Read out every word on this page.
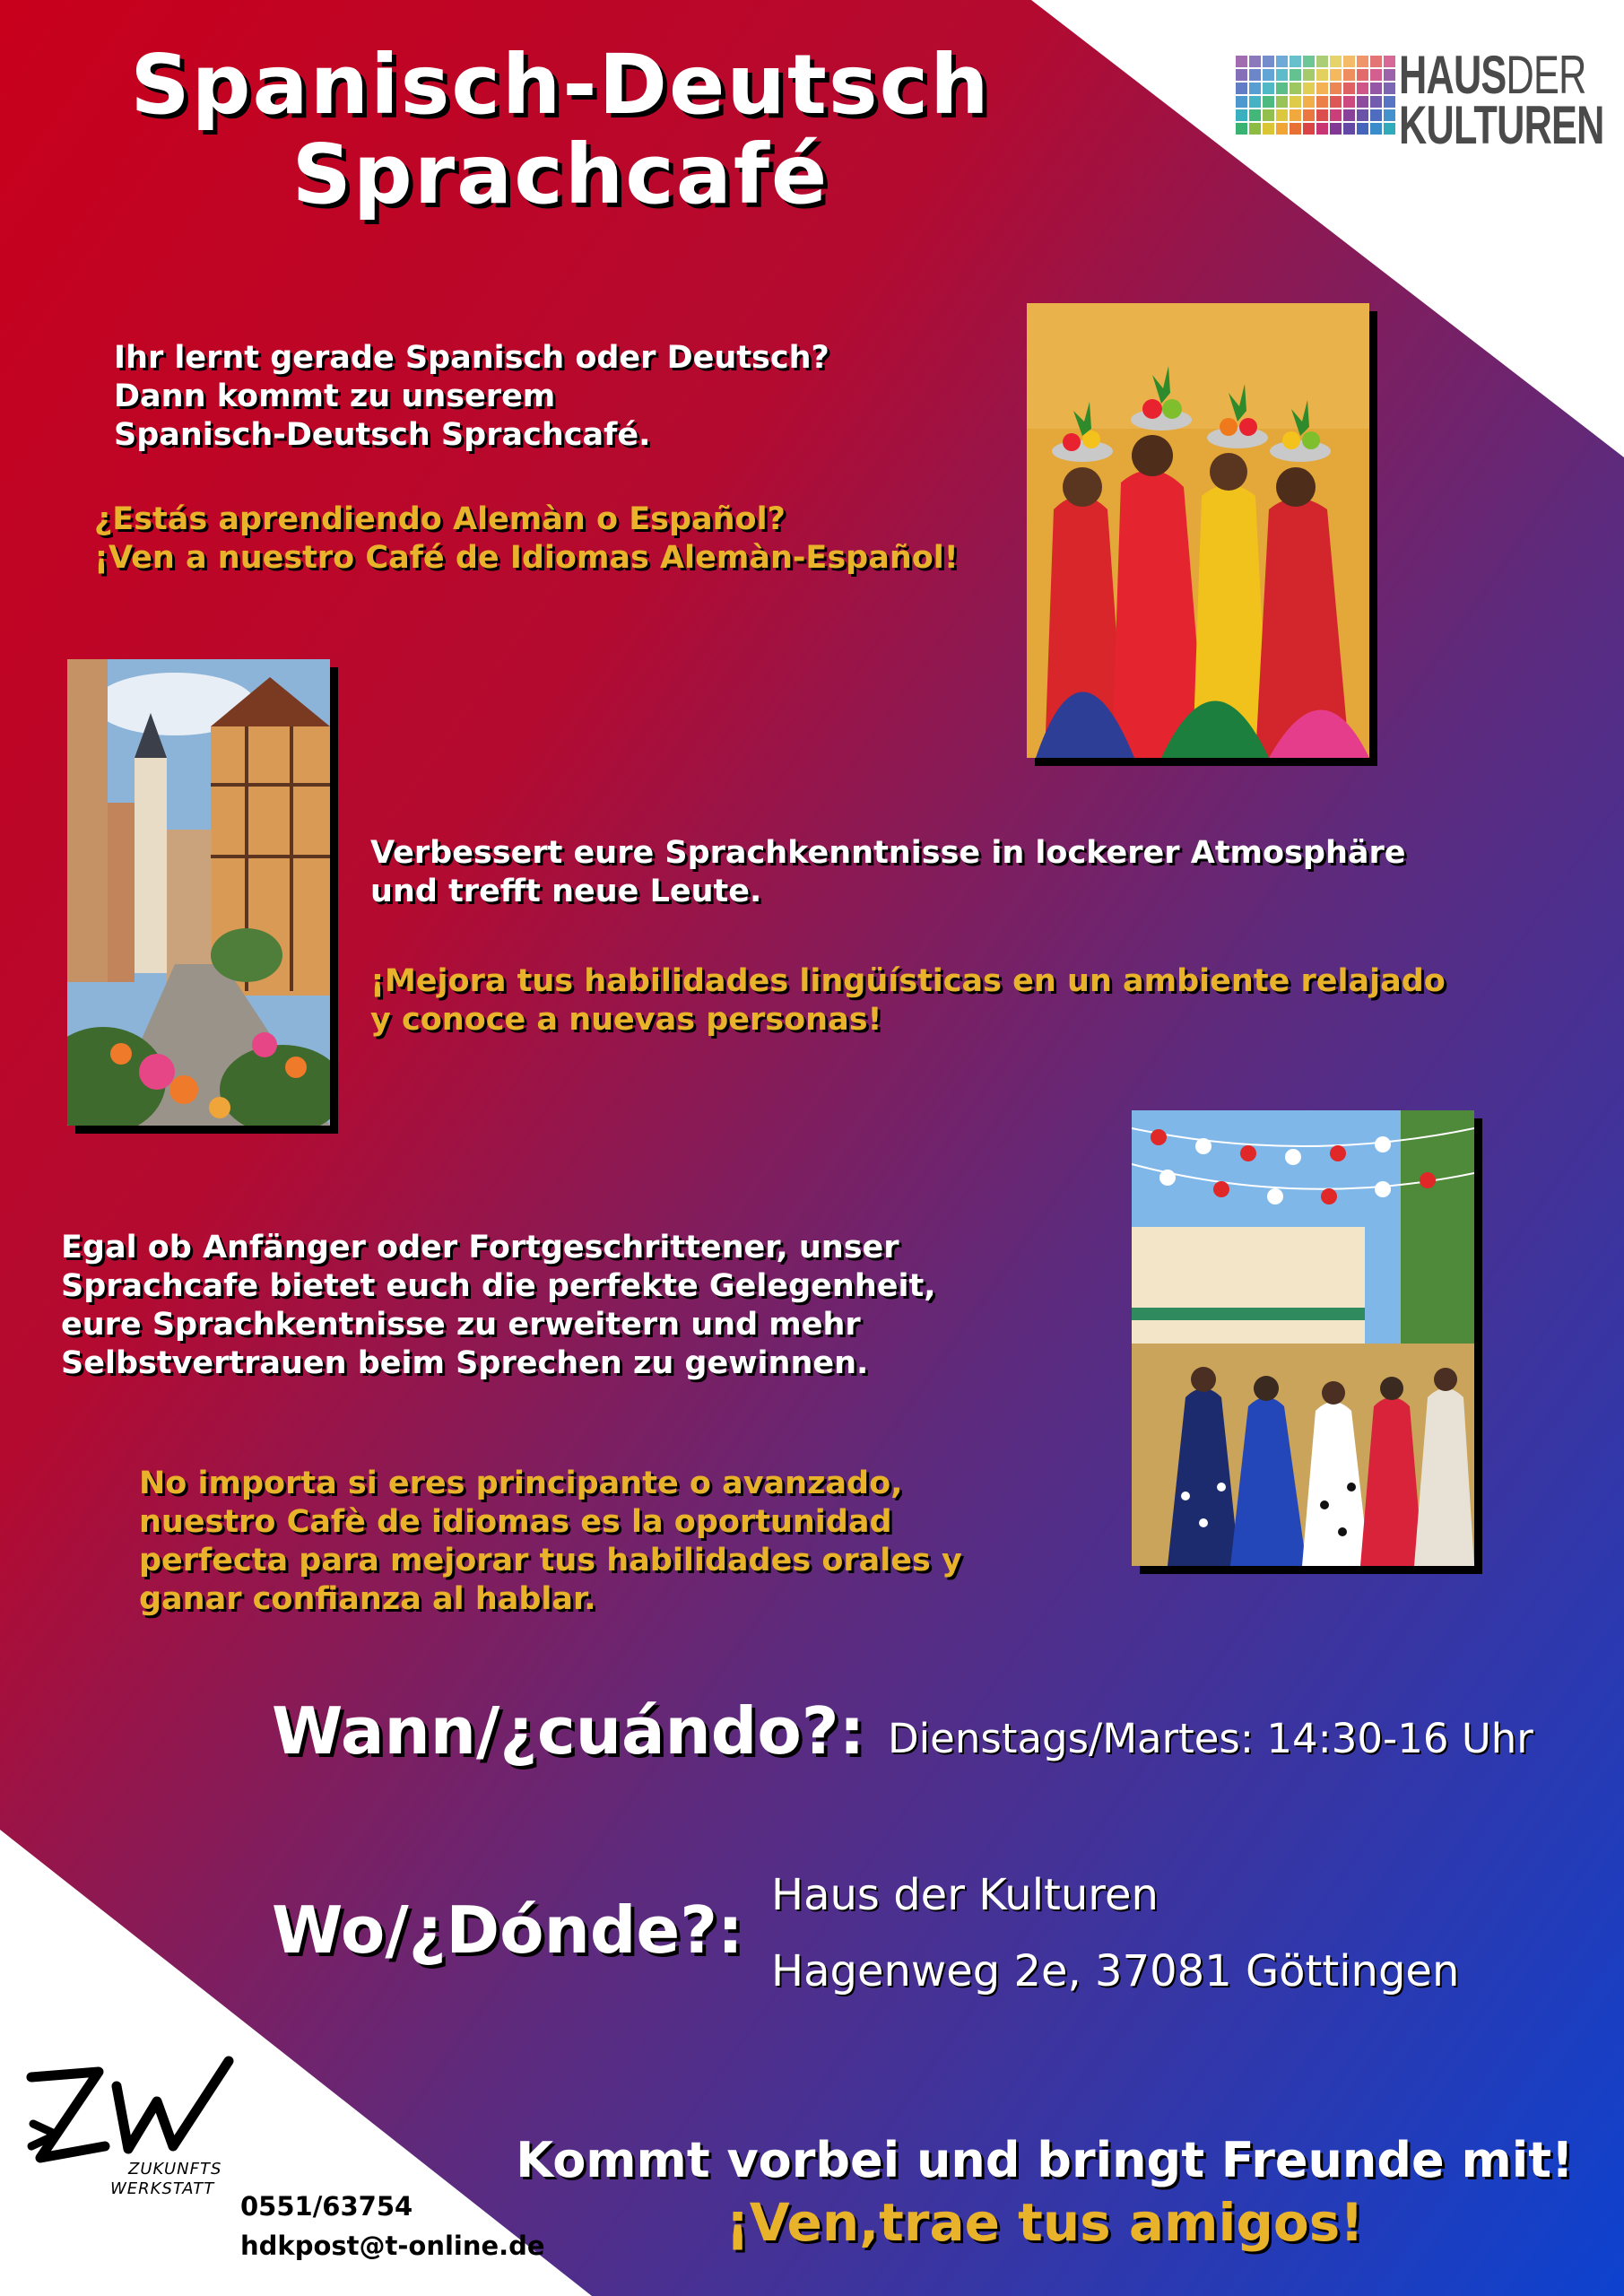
Spanisch-Deutsch
Sprachcafé
HAUSDER
KULTUREN
Ihr lernt gerade Spanisch oder Deutsch?
Dann kommt zu unserem
Spanisch-Deutsch Sprachcafé.
¿Estás aprendiendo Alemàn o Español?
¡Ven a nuestro Café de Idiomas Alemàn-Español!
Verbessert eure Sprachkenntnisse in lockerer Atmosphäre
und trefft neue Leute.
¡Mejora tus habilidades lingüísticas en un ambiente relajado
y conoce a nuevas personas!
Egal ob Anfänger oder Fortgeschrittener, unser
Sprachcafe bietet euch die perfekte Gelegenheit,
eure Sprachkentnisse zu erweitern und mehr
Selbstvertrauen beim Sprechen zu gewinnen.
No importa si eres principante o avanzado,
nuestro Cafè de idiomas es la oportunidad
perfecta para mejorar tus habilidades orales y
ganar confianza al hablar.
Wann/¿cuándo?: Dienstags/Martes: 14:30-16 Uhr
Wo/¿Dónde?: Haus der Kulturen
Hagenweg 2e, 37081 Göttingen
ZUKUNFTS
WERKSTATT
0551/63754
hdkpost@t-online.de
Kommt vorbei und bringt Freunde mit!
¡Ven,trae tus amigos!
